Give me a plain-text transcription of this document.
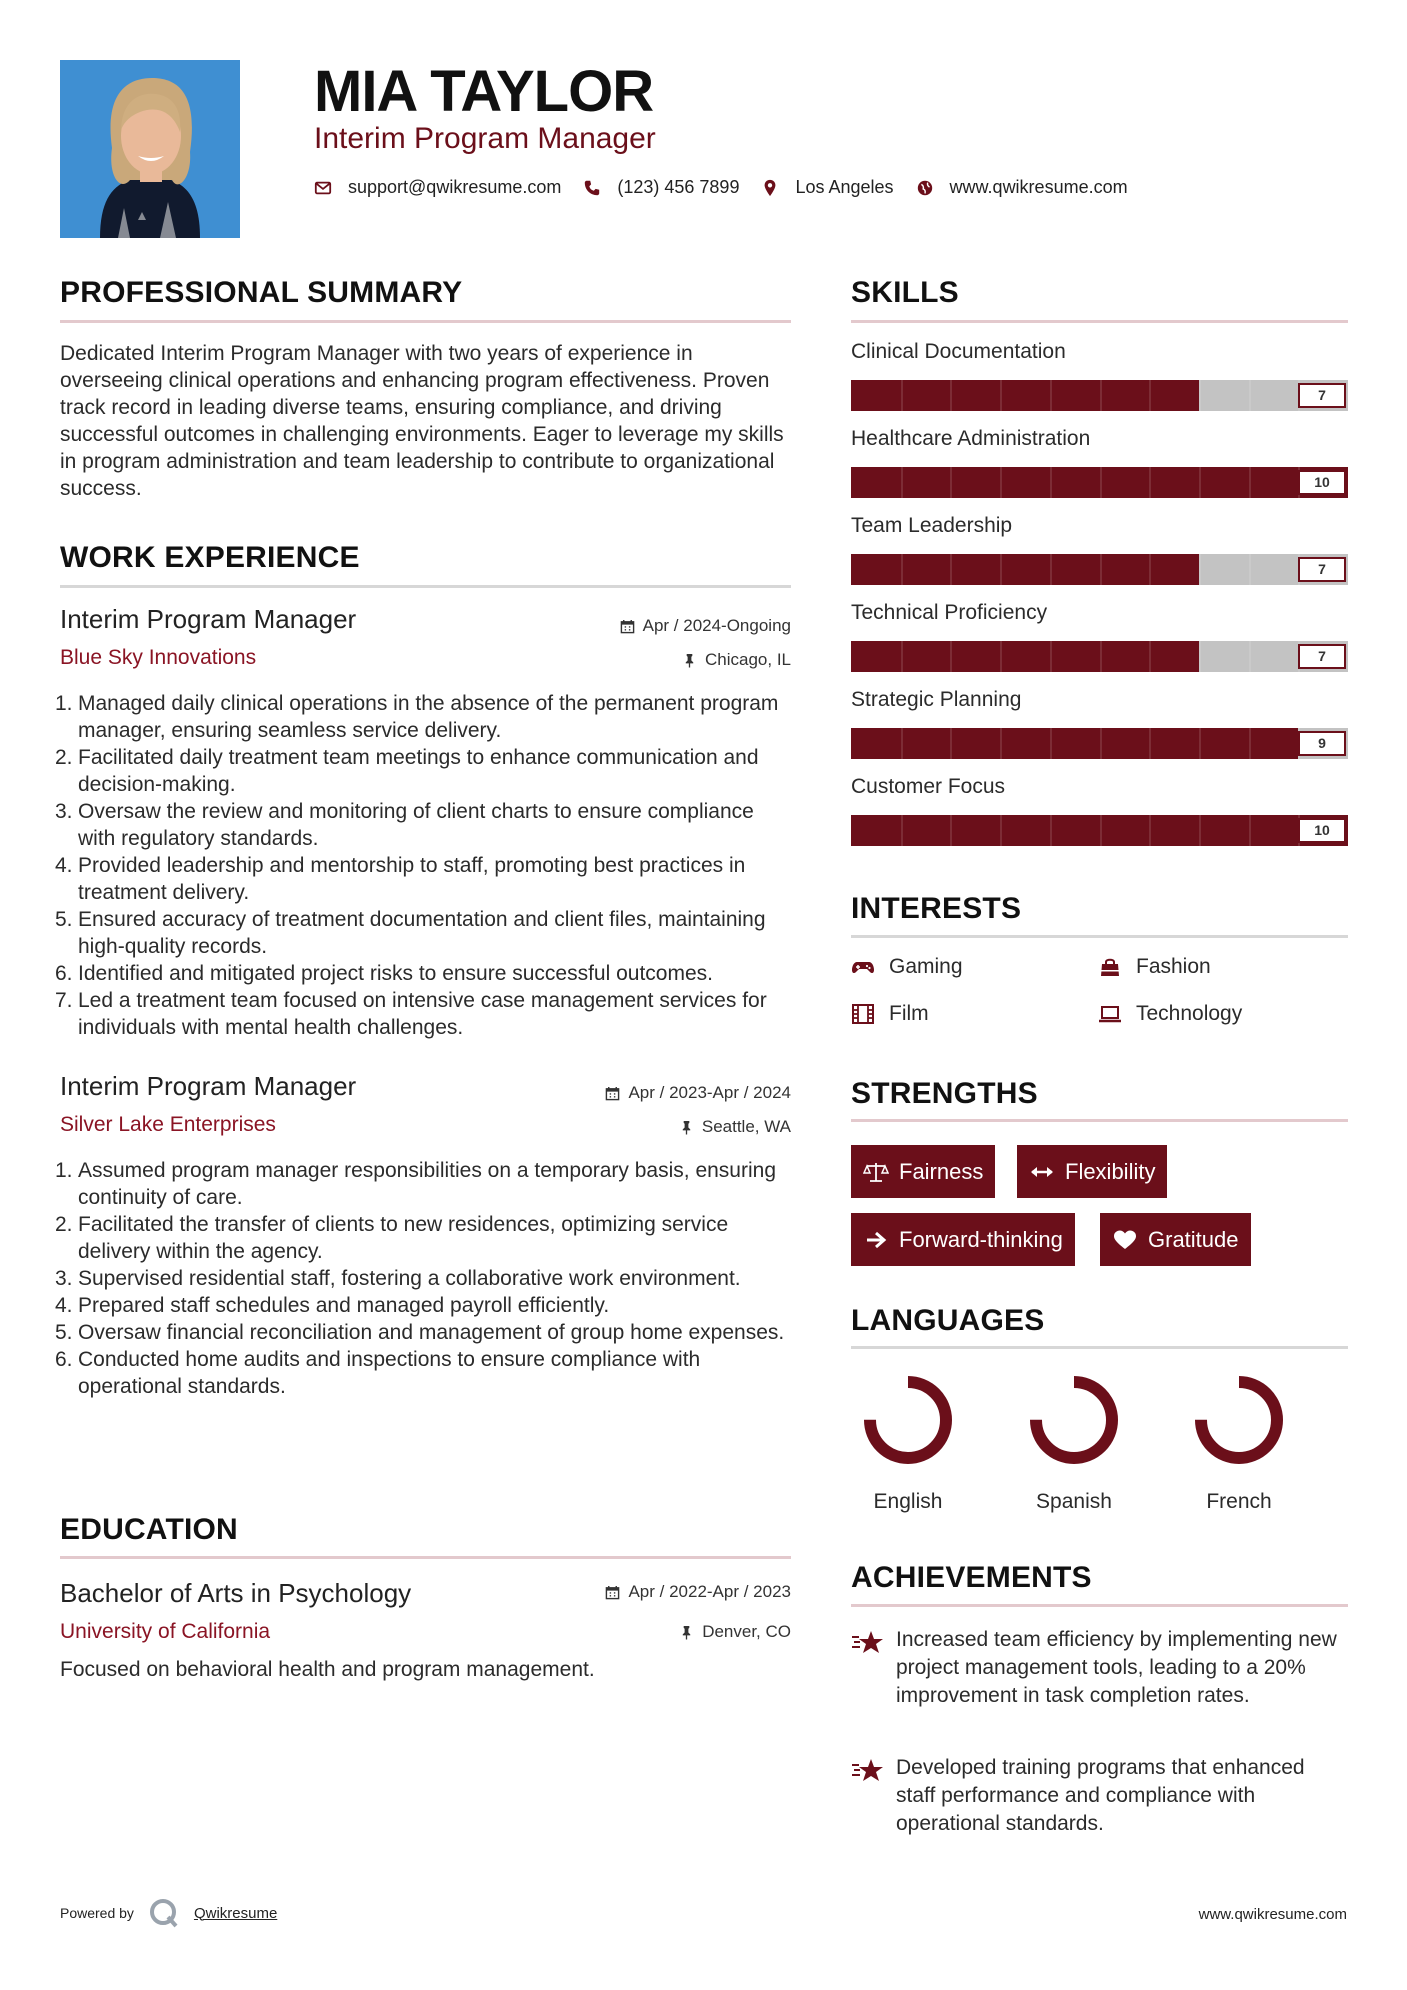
MIA TAYLOR
Interim Program Manager
support@qwikresume.com	(123) 456 7899	Los Angeles	www.qwikresume.com
PROFESSIONAL SUMMARY
Dedicated Interim Program Manager with two years of experience in overseeing clinical operations and enhancing program effectiveness. Proven track record in leading diverse teams, ensuring compliance, and driving successful outcomes in challenging environments. Eager to leverage my skills in program administration and team leadership to contribute to organizational success.
WORK EXPERIENCE
Interim Program Manager
Blue Sky Innovations
Apr / 2024-Ongoing
Chicago, IL
1. Managed daily clinical operations in the absence of the permanent program manager, ensuring seamless service delivery.
2. Facilitated daily treatment team meetings to enhance communication and decision-making.
3. Oversaw the review and monitoring of client charts to ensure compliance with regulatory standards.
4. Provided leadership and mentorship to staff, promoting best practices in treatment delivery.
5. Ensured accuracy of treatment documentation and client files, maintaining high-quality records.
6. Identified and mitigated project risks to ensure successful outcomes.
7. Led a treatment team focused on intensive case management services for individuals with mental health challenges.
Interim Program Manager
Silver Lake Enterprises
Apr / 2023-Apr / 2024
Seattle, WA
1. Assumed program manager responsibilities on a temporary basis, ensuring continuity of care.
2. Facilitated the transfer of clients to new residences, optimizing service delivery within the agency.
3. Supervised residential staff, fostering a collaborative work environment.
4. Prepared staff schedules and managed payroll efficiently.
5. Oversaw financial reconciliation and management of group home expenses.
6. Conducted home audits and inspections to ensure compliance with operational standards.
EDUCATION
Bachelor of Arts in Psychology
University of California
Apr / 2022-Apr / 2023
Denver, CO
Focused on behavioral health and program management.
SKILLS
Clinical Documentation
7
Healthcare Administration
10
Team Leadership
7
Technical Proficiency
7
Strategic Planning
9
Customer Focus
10
INTERESTS
Gaming	Fashion
Film	Technology
STRENGTHS
Fairness	Flexibility
Forward-thinking	Gratitude
LANGUAGES
English	Spanish	French
ACHIEVEMENTS
Increased team efficiency by implementing new project management tools, leading to a 20% improvement in task completion rates.
Developed training programs that enhanced staff performance and compliance with operational standards.
Powered by	Qwikresume	www.qwikresume.com
